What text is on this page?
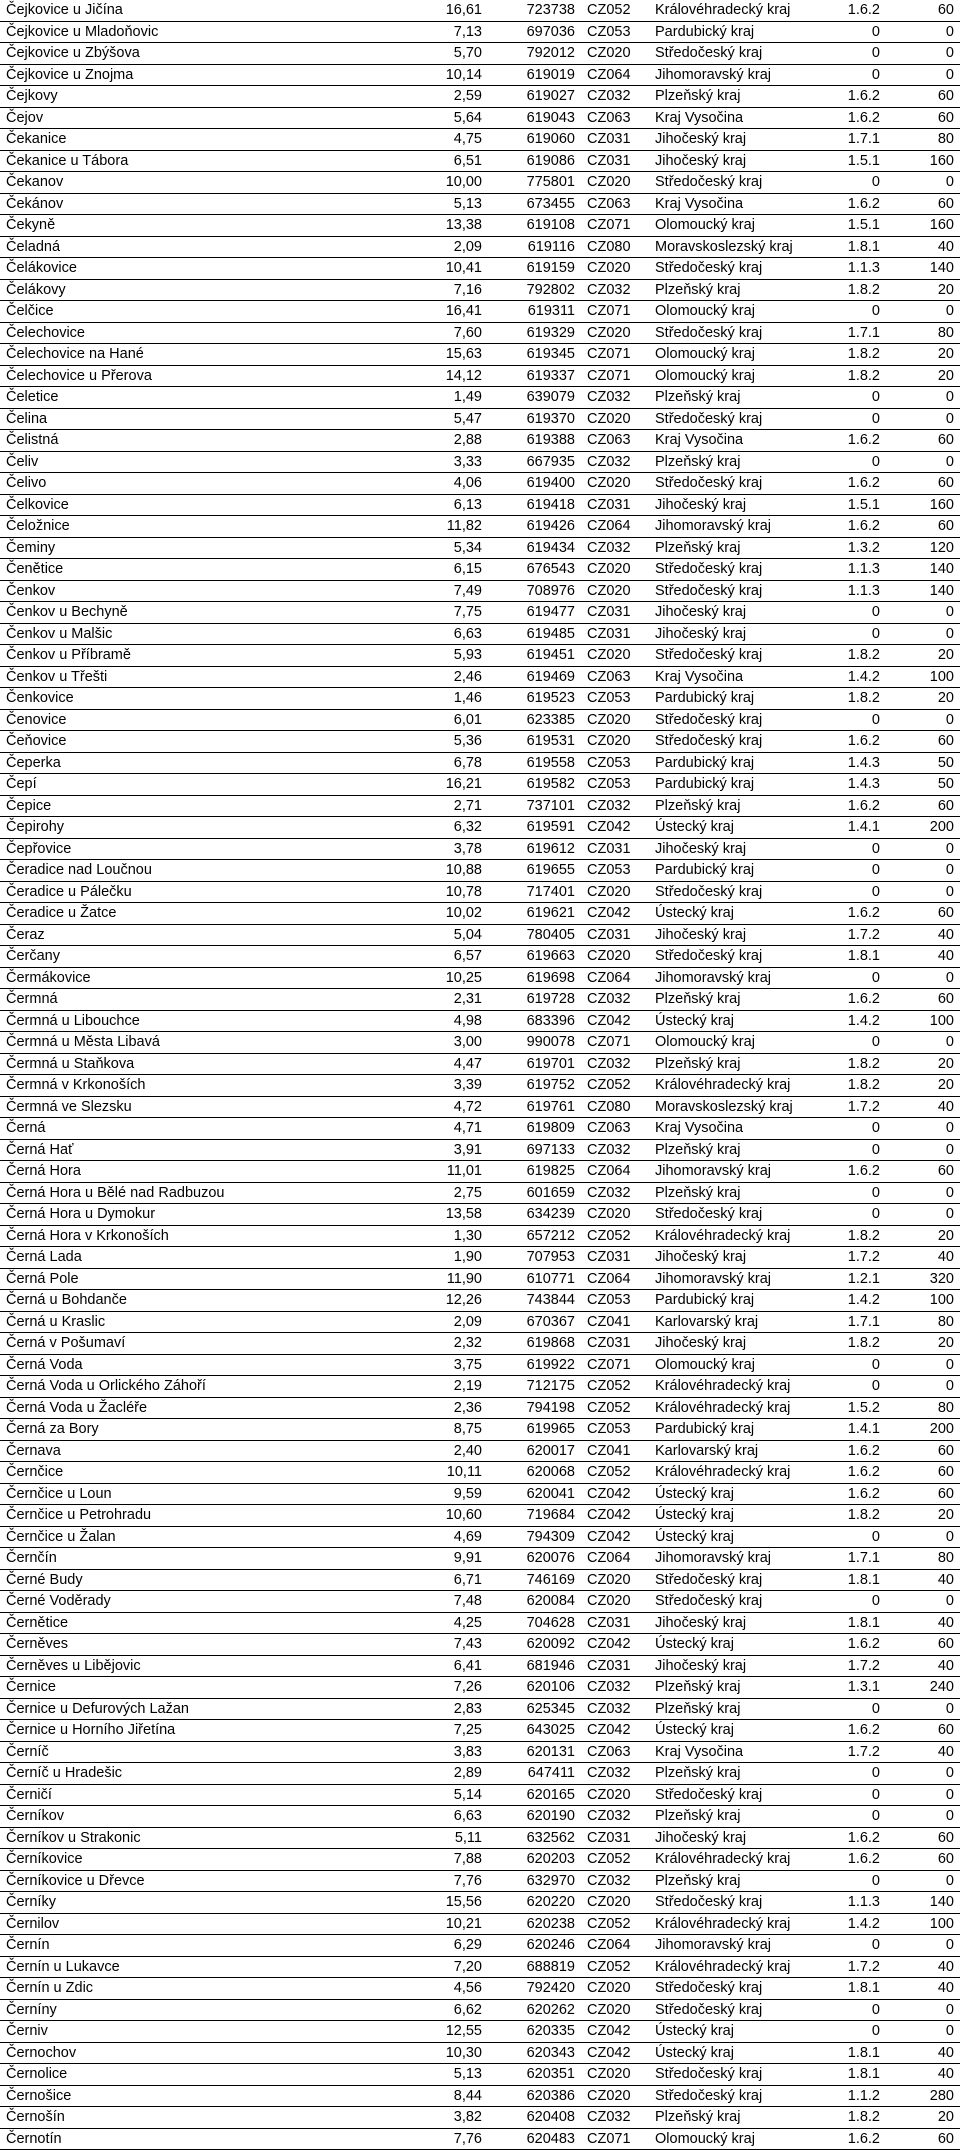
Čejkovice u Jičína	16,61	723738	CZ052	Královéhradecký kraj	1.6.2	60
Čejkovice u Mladoňovic	7,13	697036	CZ053	Pardubický kraj	0	0
Čejkovice u Zbýšova	5,70	792012	CZ020	Středočeský kraj	0	0
Čejkovice u Znojma	10,14	619019	CZ064	Jihomoravský kraj	0	0
Čejkovy	2,59	619027	CZ032	Plzeňský kraj	1.6.2	60
Čejov	5,64	619043	CZ063	Kraj Vysočina	1.6.2	60
Čekanice	4,75	619060	CZ031	Jihočeský kraj	1.7.1	80
Čekanice u Tábora	6,51	619086	CZ031	Jihočeský kraj	1.5.1	160
Čekanov	10,00	775801	CZ020	Středočeský kraj	0	0
Čekánov	5,13	673455	CZ063	Kraj Vysočina	1.6.2	60
Čekyně	13,38	619108	CZ071	Olomoucký kraj	1.5.1	160
Čeladná	2,09	619116	CZ080	Moravskoslezský kraj	1.8.1	40
Čelákovice	10,41	619159	CZ020	Středočeský kraj	1.1.3	140
Čelákovy	7,16	792802	CZ032	Plzeňský kraj	1.8.2	20
Čelčice	16,41	619311	CZ071	Olomoucký kraj	0	0
Čelechovice	7,60	619329	CZ020	Středočeský kraj	1.7.1	80
Čelechovice na Hané	15,63	619345	CZ071	Olomoucký kraj	1.8.2	20
Čelechovice u Přerova	14,12	619337	CZ071	Olomoucký kraj	1.8.2	20
Čeletice	1,49	639079	CZ032	Plzeňský kraj	0	0
Čelina	5,47	619370	CZ020	Středočeský kraj	0	0
Čelistná	2,88	619388	CZ063	Kraj Vysočina	1.6.2	60
Čeliv	3,33	667935	CZ032	Plzeňský kraj	0	0
Čelivo	4,06	619400	CZ020	Středočeský kraj	1.6.2	60
Čelkovice	6,13	619418	CZ031	Jihočeský kraj	1.5.1	160
Čeložnice	11,82	619426	CZ064	Jihomoravský kraj	1.6.2	60
Čeminy	5,34	619434	CZ032	Plzeňský kraj	1.3.2	120
Čenětice	6,15	676543	CZ020	Středočeský kraj	1.1.3	140
Čenkov	7,49	708976	CZ020	Středočeský kraj	1.1.3	140
Čenkov u Bechyně	7,75	619477	CZ031	Jihočeský kraj	0	0
Čenkov u Malšic	6,63	619485	CZ031	Jihočeský kraj	0	0
Čenkov u Příbramě	5,93	619451	CZ020	Středočeský kraj	1.8.2	20
Čenkov u Třešti	2,46	619469	CZ063	Kraj Vysočina	1.4.2	100
Čenkovice	1,46	619523	CZ053	Pardubický kraj	1.8.2	20
Čenovice	6,01	623385	CZ020	Středočeský kraj	0	0
Čeňovice	5,36	619531	CZ020	Středočeský kraj	1.6.2	60
Čeperka	6,78	619558	CZ053	Pardubický kraj	1.4.3	50
Čepí	16,21	619582	CZ053	Pardubický kraj	1.4.3	50
Čepice	2,71	737101	CZ032	Plzeňský kraj	1.6.2	60
Čepirohy	6,32	619591	CZ042	Ústecký kraj	1.4.1	200
Čepřovice	3,78	619612	CZ031	Jihočeský kraj	0	0
Čeradice nad Loučnou	10,88	619655	CZ053	Pardubický kraj	0	0
Čeradice u Pálečku	10,78	717401	CZ020	Středočeský kraj	0	0
Čeradice u Žatce	10,02	619621	CZ042	Ústecký kraj	1.6.2	60
Čeraz	5,04	780405	CZ031	Jihočeský kraj	1.7.2	40
Čerčany	6,57	619663	CZ020	Středočeský kraj	1.8.1	40
Čermákovice	10,25	619698	CZ064	Jihomoravský kraj	0	0
Čermná	2,31	619728	CZ032	Plzeňský kraj	1.6.2	60
Čermná u Libouchce	4,98	683396	CZ042	Ústecký kraj	1.4.2	100
Čermná u Města Libavá	3,00	990078	CZ071	Olomoucký kraj	0	0
Čermná u Staňkova	4,47	619701	CZ032	Plzeňský kraj	1.8.2	20
Čermná v Krkonoších	3,39	619752	CZ052	Královéhradecký kraj	1.8.2	20
Čermná ve Slezsku	4,72	619761	CZ080	Moravskoslezský kraj	1.7.2	40
Černá	4,71	619809	CZ063	Kraj Vysočina	0	0
Černá Hať	3,91	697133	CZ032	Plzeňský kraj	0	0
Černá Hora	11,01	619825	CZ064	Jihomoravský kraj	1.6.2	60
Černá Hora u Bělé nad Radbuzou	2,75	601659	CZ032	Plzeňský kraj	0	0
Černá Hora u Dymokur	13,58	634239	CZ020	Středočeský kraj	0	0
Černá Hora v Krkonoších	1,30	657212	CZ052	Královéhradecký kraj	1.8.2	20
Černá Lada	1,90	707953	CZ031	Jihočeský kraj	1.7.2	40
Černá Pole	11,90	610771	CZ064	Jihomoravský kraj	1.2.1	320
Černá u Bohdanče	12,26	743844	CZ053	Pardubický kraj	1.4.2	100
Černá u Kraslic	2,09	670367	CZ041	Karlovarský kraj	1.7.1	80
Černá v Pošumaví	2,32	619868	CZ031	Jihočeský kraj	1.8.2	20
Černá Voda	3,75	619922	CZ071	Olomoucký kraj	0	0
Černá Voda u Orlického Záhoří	2,19	712175	CZ052	Královéhradecký kraj	0	0
Černá Voda u Žacléře	2,36	794198	CZ052	Královéhradecký kraj	1.5.2	80
Černá za Bory	8,75	619965	CZ053	Pardubický kraj	1.4.1	200
Černava	2,40	620017	CZ041	Karlovarský kraj	1.6.2	60
Černčice	10,11	620068	CZ052	Královéhradecký kraj	1.6.2	60
Černčice u Loun	9,59	620041	CZ042	Ústecký kraj	1.6.2	60
Černčice u Petrohradu	10,60	719684	CZ042	Ústecký kraj	1.8.2	20
Černčice u Žalan	4,69	794309	CZ042	Ústecký kraj	0	0
Černčín	9,91	620076	CZ064	Jihomoravský kraj	1.7.1	80
Černé Budy	6,71	746169	CZ020	Středočeský kraj	1.8.1	40
Černé Voděrady	7,48	620084	CZ020	Středočeský kraj	0	0
Černětice	4,25	704628	CZ031	Jihočeský kraj	1.8.1	40
Černěves	7,43	620092	CZ042	Ústecký kraj	1.6.2	60
Černěves u Libějovic	6,41	681946	CZ031	Jihočeský kraj	1.7.2	40
Černice	7,26	620106	CZ032	Plzeňský kraj	1.3.1	240
Černice u Defurových Lažan	2,83	625345	CZ032	Plzeňský kraj	0	0
Černice u Horního Jiřetína	7,25	643025	CZ042	Ústecký kraj	1.6.2	60
Černíč	3,83	620131	CZ063	Kraj Vysočina	1.7.2	40
Černíč u Hradešic	2,89	647411	CZ032	Plzeňský kraj	0	0
Černičí	5,14	620165	CZ020	Středočeský kraj	0	0
Černíkov	6,63	620190	CZ032	Plzeňský kraj	0	0
Černíkov u Strakonic	5,11	632562	CZ031	Jihočeský kraj	1.6.2	60
Černíkovice	7,88	620203	CZ052	Královéhradecký kraj	1.6.2	60
Černíkovice u Dřevce	7,76	632970	CZ032	Plzeňský kraj	0	0
Černíky	15,56	620220	CZ020	Středočeský kraj	1.1.3	140
Černilov	10,21	620238	CZ052	Královéhradecký kraj	1.4.2	100
Černín	6,29	620246	CZ064	Jihomoravský kraj	0	0
Černín u Lukavce	7,20	688819	CZ052	Královéhradecký kraj	1.7.2	40
Černín u Zdic	4,56	792420	CZ020	Středočeský kraj	1.8.1	40
Černíny	6,62	620262	CZ020	Středočeský kraj	0	0
Černiv	12,55	620335	CZ042	Ústecký kraj	0	0
Černochov	10,30	620343	CZ042	Ústecký kraj	1.8.1	40
Černolice	5,13	620351	CZ020	Středočeský kraj	1.8.1	40
Černošice	8,44	620386	CZ020	Středočeský kraj	1.1.2	280
Černošín	3,82	620408	CZ032	Plzeňský kraj	1.8.2	20
Černotín	7,76	620483	CZ071	Olomoucký kraj	1.6.2	60
